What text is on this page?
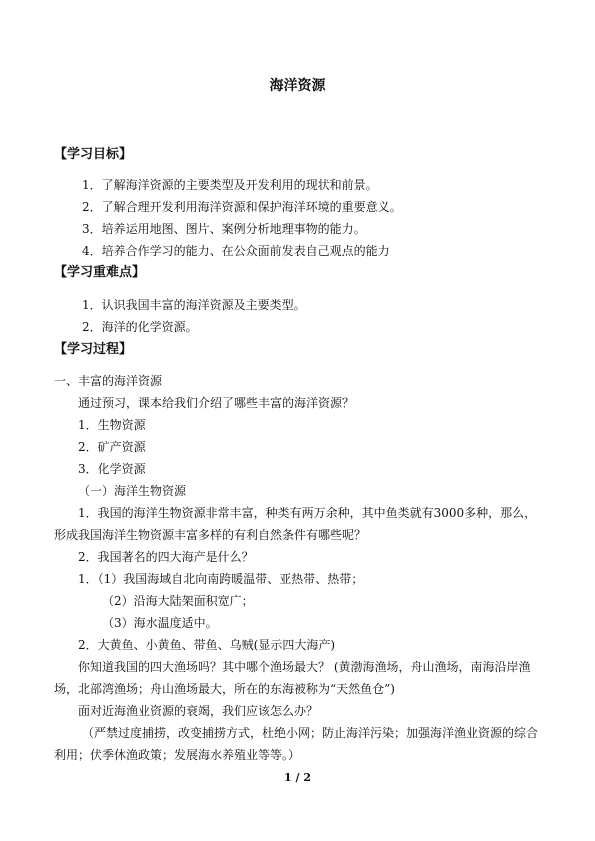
海洋资源
【学习目标】
1．了解海洋资源的主要类型及开发利用的现状和前景。
2．了解合理开发利用海洋资源和保护海洋环境的重要意义。
3．培养运用地图、图片、案例分析地理事物的能力。
4．培养合作学习的能力、在公众面前发表自己观点的能力
【学习重难点】
1．认识我国丰富的海洋资源及主要类型。
2．海洋的化学资源。
【学习过程】
一、丰富的海洋资源
通过预习，课本给我们介绍了哪些丰富的海洋资源？
1．生物资源
2．矿产资源
3．化学资源
（一）海洋生物资源
1．我国的海洋生物资源非常丰富，种类有两万余种，其中鱼类就有3000多种，那么，
形成我国海洋生物资源丰富多样的有利自然条件有哪些呢？
2．我国著名的四大海产是什么？
1．（1）我国海域自北向南跨暖温带、亚热带、热带；
（2）沿海大陆架面积宽广；
（3）海水温度适中。
2．大黄鱼、小黄鱼、带鱼、乌贼(显示四大海产)
你知道我国的四大渔场吗？其中哪个渔场最大？ (黄渤海渔场，舟山渔场，南海沿岸渔
场，北部湾渔场；舟山渔场最大，所在的东海被称为“天然鱼仓”)
面对近海渔业资源的衰竭，我们应该怎么办？
（严禁过度捕捞，改变捕捞方式，杜绝小网；防止海洋污染；加强海洋渔业资源的综合
利用；伏季休渔政策；发展海水养殖业等等。）
1 / 2
